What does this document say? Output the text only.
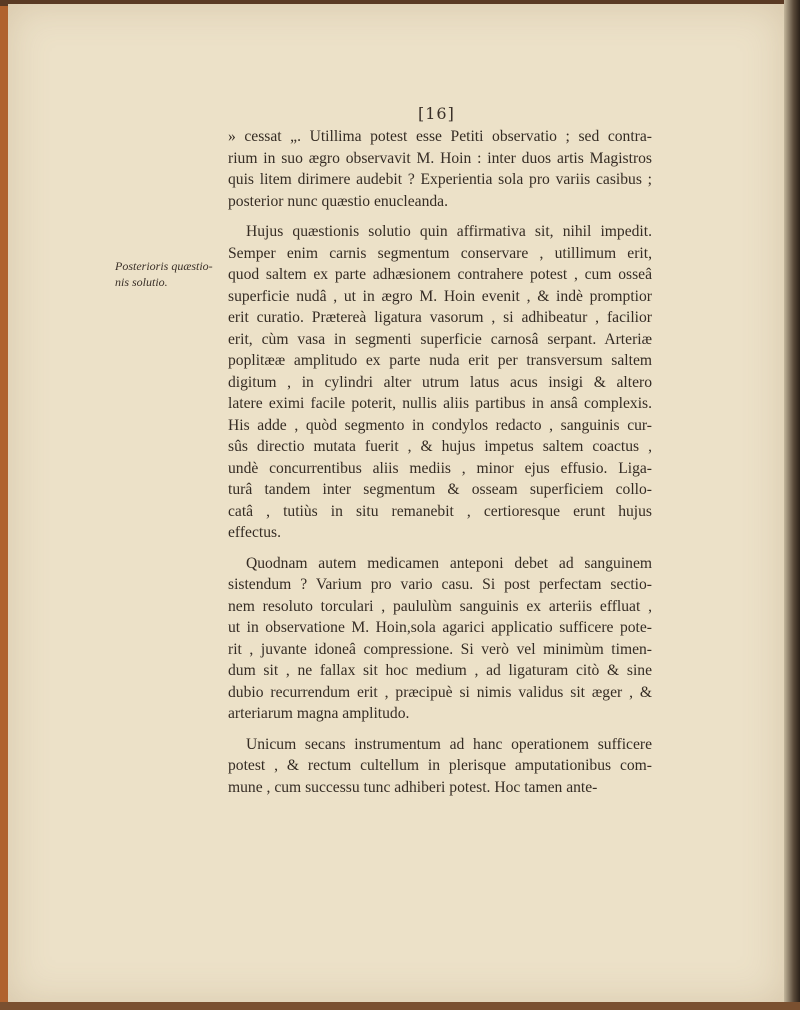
[16]
Posterioris quæstio-
nis solutio.

» cessat „. Utillima potest esse Petiti observatio ; sed contra-
rium in suo ægro observavit M. Hoin : inter duos artis Magistros
quis litem dirimere audebit ? Experientia sola pro variis casibus ;
posterior nunc quæstio enucleanda.

Hujus quæstionis solutio quin affirmativa sit, nihil impedit.
Semper enim carnis segmentum conservare , utillimum erit,
quod saltem ex parte adhæsionem contrahere potest , cum osseâ
superficie nudâ , ut in ægro M. Hoin evenit , & indè promptior
erit curatio. Prætereà ligatura vasorum , si adhibeatur , facilior
erit, cùm vasa in segmenti superficie carnosâ serpant. Arteriæ
poplitææ amplitudo ex parte nuda erit per transversum saltem
digitum , in cylindri alter utrum latus acus insigi & altero
latere eximi facile poterit, nullis aliis partibus in ansâ complexis.
His adde , quòd segmento in condylos redacto , sanguinis cur-
sûs directio mutata fuerit , & hujus impetus saltem coactus ,
undè concurrentibus aliis mediis , minor ejus effusio. Liga-
turâ tandem inter segmentum & osseam superficiem collo-
catâ , tutiùs in situ remanebit , certioresque erunt hujus
effectus.

Quodnam autem medicamen anteponi debet ad sanguinem
sistendum ? Varium pro vario casu. Si post perfectam sectio-
nem resoluto torculari , paululùm sanguinis ex arteriis effluat ,
ut in observatione M. Hoin,sola agarici applicatio sufficere pote-
rit , juvante idoneâ compressione. Si verò vel minimùm timen-
dum sit , ne fallax sit hoc medium , ad ligaturam citò & sine
dubio recurrendum erit , præcipuè si nimis validus sit æger , &
arteriarum magna amplitudo.

Unicum secans instrumentum ad hanc operationem sufficere
potest , & rectum cultellum in plerisque amputationibus com-
mune , cum successu tunc adhiberi potest. Hoc tamen ante-
